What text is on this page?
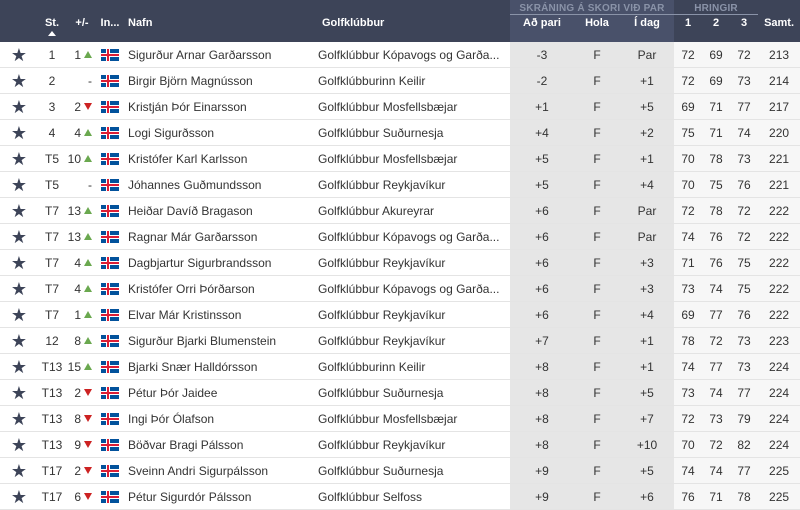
						SKRÁNING Á SKORI VIÐ PAR			HRINGIR			
	St.	+/-	In...	Nafn	Golfklúbbur	Að pari	Hola	Í dag	1	2	3	Samt.
★	1	1		Sigurður Arnar Garðarsson	Golfklúbbur Kópavogs og Garða...	-3	F	Par	72	69	72	213
★	2	-		Birgir Björn Magnússon	Golfklúbburinn Keilir	-2	F	+1	72	69	73	214
★	3	2		Kristján Þór Einarsson	Golfklúbbur Mosfellsbæjar	+1	F	+5	69	71	77	217
★	4	4		Logi Sigurðsson	Golfklúbbur Suðurnesja	+4	F	+2	75	71	74	220
★	T5	10		Kristófer Karl Karlsson	Golfklúbbur Mosfellsbæjar	+5	F	+1	70	78	73	221
★	T5	-		Jóhannes Guðmundsson	Golfklúbbur Reykjavíkur	+5	F	+4	70	75	76	221
★	T7	13		Heiðar Davíð Bragason	Golfklúbbur Akureyrar	+6	F	Par	72	78	72	222
★	T7	13		Ragnar Már Garðarsson	Golfklúbbur Kópavogs og Garða...	+6	F	Par	74	76	72	222
★	T7	4		Dagbjartur Sigurbrandsson	Golfklúbbur Reykjavíkur	+6	F	+3	71	76	75	222
★	T7	4		Kristófer Orri Þórðarson	Golfklúbbur Kópavogs og Garða...	+6	F	+3	73	74	75	222
★	T7	1		Elvar Már Kristinsson	Golfklúbbur Reykjavíkur	+6	F	+4	69	77	76	222
★	12	8		Sigurður Bjarki Blumenstein	Golfklúbbur Reykjavíkur	+7	F	+1	78	72	73	223
★	T13	15		Bjarki Snær Halldórsson	Golfklúbburinn Keilir	+8	F	+1	74	77	73	224
★	T13	2		Pétur Þór Jaidee	Golfklúbbur Suðurnesja	+8	F	+5	73	74	77	224
★	T13	8		Ingi Þór Ólafson	Golfklúbbur Mosfellsbæjar	+8	F	+7	72	73	79	224
★	T13	9		Böðvar Bragi Pálsson	Golfklúbbur Reykjavíkur	+8	F	+10	70	72	82	224
★	T17	2		Sveinn Andri Sigurpálsson	Golfklúbbur Suðurnesja	+9	F	+5	74	74	77	225
★	T17	6		Pétur Sigurdór Pálsson	Golfklúbbur Selfoss	+9	F	+6	76	71	78	225
